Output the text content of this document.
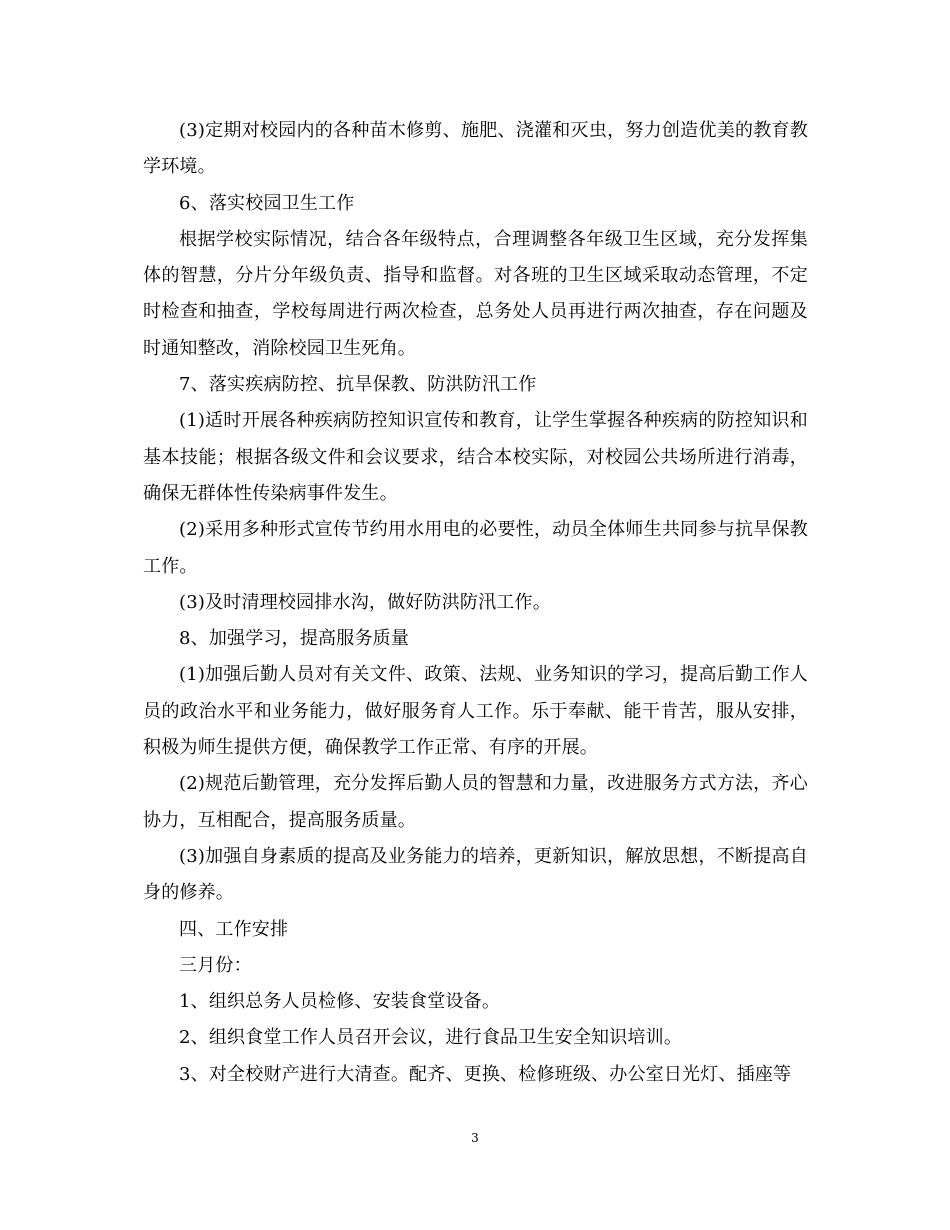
(3)定期对校园内的各种苗木修剪、施肥、浇灌和灭虫，努力创造优美的教育教学环境。

6、落实校园卫生工作

根据学校实际情况，结合各年级特点，合理调整各年级卫生区域，充分发挥集体的智慧，分片分年级负责、指导和监督。对各班的卫生区域采取动态管理，不定时检查和抽查，学校每周进行两次检查，总务处人员再进行两次抽查，存在问题及时通知整改，消除校园卫生死角。

7、落实疾病防控、抗旱保教、防洪防汛工作

(1)适时开展各种疾病防控知识宣传和教育，让学生掌握各种疾病的防控知识和基本技能；根据各级文件和会议要求，结合本校实际，对校园公共场所进行消毒，确保无群体性传染病事件发生。

(2)采用多种形式宣传节约用水用电的必要性，动员全体师生共同参与抗旱保教工作。

(3)及时清理校园排水沟，做好防洪防汛工作。

8、加强学习，提高服务质量

(1)加强后勤人员对有关文件、政策、法规、业务知识的学习，提高后勤工作人员的政治水平和业务能力，做好服务育人工作。乐于奉献、能干肯苦，服从安排，积极为师生提供方便，确保教学工作正常、有序的开展。

(2)规范后勤管理，充分发挥后勤人员的智慧和力量，改进服务方式方法，齐心协力，互相配合，提高服务质量。

(3)加强自身素质的提高及业务能力的培养，更新知识，解放思想，不断提高自身的修养。

四、工作安排

三月份：

1、组织总务人员检修、安装食堂设备。

2、组织食堂工作人员召开会议，进行食品卫生安全知识培训。

3、对全校财产进行大清查。配齐、更换、检修班级、办公室日光灯、插座等

3
